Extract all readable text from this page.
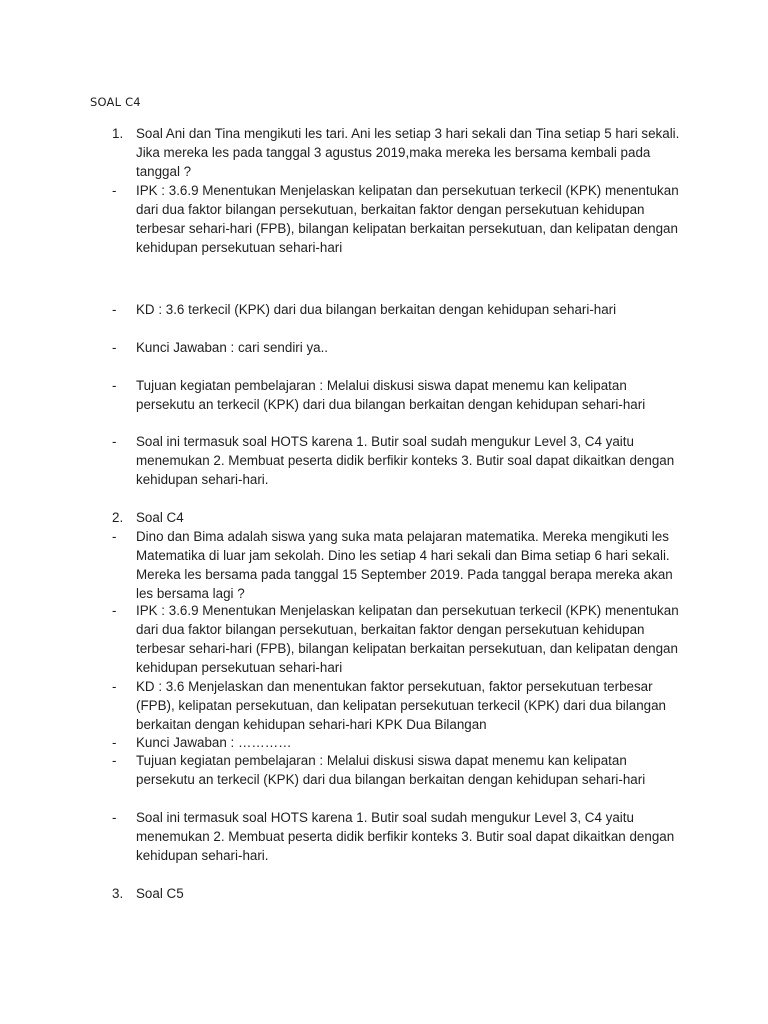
SOAL C4
1. Soal Ani dan Tina mengikuti les tari. Ani les setiap 3 hari sekali dan Tina setiap 5 hari sekali. Jika mereka les pada tanggal 3 agustus 2019,maka mereka les bersama kembali pada tanggal ?
- IPK : 3.6.9 Menentukan Menjelaskan kelipatan dan persekutuan terkecil (KPK) menentukan dari dua faktor bilangan persekutuan, berkaitan faktor dengan persekutuan kehidupan terbesar sehari-hari (FPB), bilangan kelipatan berkaitan persekutuan, dan kelipatan dengan kehidupan persekutuan sehari-hari
- KD : 3.6 terkecil (KPK) dari dua bilangan berkaitan dengan kehidupan sehari-hari
- Kunci Jawaban : cari sendiri ya..
- Tujuan kegiatan pembelajaran : Melalui diskusi siswa dapat menemu kan kelipatan persekutu an terkecil (KPK) dari dua bilangan berkaitan dengan kehidupan sehari-hari
- Soal ini termasuk soal HOTS karena 1. Butir soal sudah mengukur Level 3, C4 yaitu menemukan 2. Membuat peserta didik berfikir konteks 3. Butir soal dapat dikaitkan dengan kehidupan sehari-hari.
2. Soal C4
- Dino dan Bima adalah siswa yang suka mata pelajaran matematika. Mereka mengikuti les Matematika di luar jam sekolah. Dino les setiap 4 hari sekali dan Bima setiap 6 hari sekali. Mereka les bersama pada tanggal 15 September 2019. Pada tanggal berapa mereka akan les bersama lagi ?
- IPK : 3.6.9 Menentukan Menjelaskan kelipatan dan persekutuan terkecil (KPK) menentukan dari dua faktor bilangan persekutuan, berkaitan faktor dengan persekutuan kehidupan terbesar sehari-hari (FPB), bilangan kelipatan berkaitan persekutuan, dan kelipatan dengan kehidupan persekutuan sehari-hari
- KD : 3.6 Menjelaskan dan menentukan faktor persekutuan, faktor persekutuan terbesar (FPB), kelipatan persekutuan, dan kelipatan persekutuan terkecil (KPK) dari dua bilangan berkaitan dengan kehidupan sehari-hari KPK Dua Bilangan
- Kunci Jawaban : …………
- Tujuan kegiatan pembelajaran : Melalui diskusi siswa dapat menemu kan kelipatan persekutu an terkecil (KPK) dari dua bilangan berkaitan dengan kehidupan sehari-hari
- Soal ini termasuk soal HOTS karena 1. Butir soal sudah mengukur Level 3, C4 yaitu menemukan 2. Membuat peserta didik berfikir konteks 3. Butir soal dapat dikaitkan dengan kehidupan sehari-hari.
3. Soal C5
